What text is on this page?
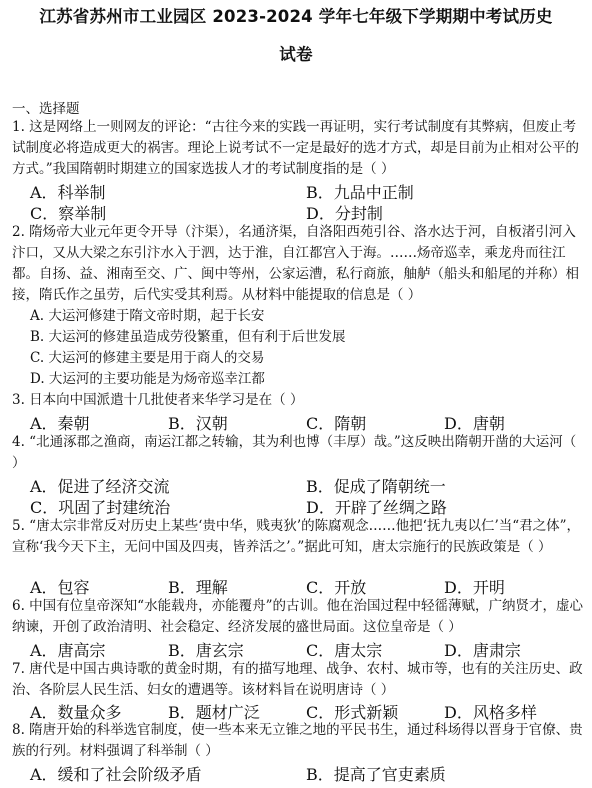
江苏省苏州市工业园区 2023-2024 学年七年级下学期期中考试历史
试卷
一、选择题

1. 这是网络上一则网友的评论：“古往今来的实践一再证明，实行考试制度有其弊病，但废止考试制度必将造成更大的祸害。理论上说考试不一定是最好的选才方式，却是目前为止相对公平的方式。”我国隋朝时期建立的国家选拔人才的考试制度指的是（ ）

A．科举制	B．九品中正制
C．察举制	D．分封制

2. 隋炀帝大业元年更令开导（汴渠），名通济渠，自洛阳西苑引谷、洛水达于河，自板渚引河入汴口，又从大梁之东引汴水入于泗，达于淮，自江都宫入于海。……炀帝巡幸，乘龙舟而往江都。自扬、益、湘南至交、广、闽中等州，公家运漕，私行商旅，舳舻（船头和船尾的并称）相接，隋氏作之虽劳，后代实受其利焉。从材料中能提取的信息是（ ）

A. 大运河修建于隋文帝时期，起于长安
B. 大运河的修建虽造成劳役繁重，但有利于后世发展
C. 大运河的修建主要是用于商人的交易
D. 大运河的主要功能是为炀帝巡幸江都

3. 日本向中国派遣十几批使者来华学习是在（ ）

A．秦朝	B．汉朝	C．隋朝	D．唐朝

4. “北通涿郡之渔商，南运江都之转输，其为利也博（丰厚）哉。”这反映出隋朝开凿的大运河（ ）

A．促进了经济交流	B．促成了隋朝统一
C．巩固了封建统治	D．开辟了丝绸之路

5. “唐太宗非常反对历史上某些‘贵中华，贱夷狄’的陈腐观念……他把‘抚九夷以仁’当“君之体”，宣称‘我今天下主，无问中国及四夷，皆养活之’。”据此可知，唐太宗施行的民族政策是（ ）

A．包容	B．理解	C．开放	D．开明

6. 中国有位皇帝深知“水能载舟，亦能覆舟”的古训。他在治国过程中轻徭薄赋，广纳贤才，虚心纳谏，开创了政治清明、社会稳定、经济发展的盛世局面。这位皇帝是（ ）

A．唐高宗	B．唐玄宗	C．唐太宗	D．唐肃宗

7. 唐代是中国古典诗歌的黄金时期，有的描写地理、战争、农村、城市等，也有的关注历史、政治、各阶层人民生活、妇女的遭遇等。该材料旨在说明唐诗（ ）

A．数量众多	B．题材广泛	C．形式新颖	D．风格多样

8. 隋唐开始的科举选官制度，使一些本来无立锥之地的平民书生，通过科场得以晋身于官僚、贵族的行列。材料强调了科举制（ ）

A．缓和了社会阶级矛盾	B．提高了官吏素质
